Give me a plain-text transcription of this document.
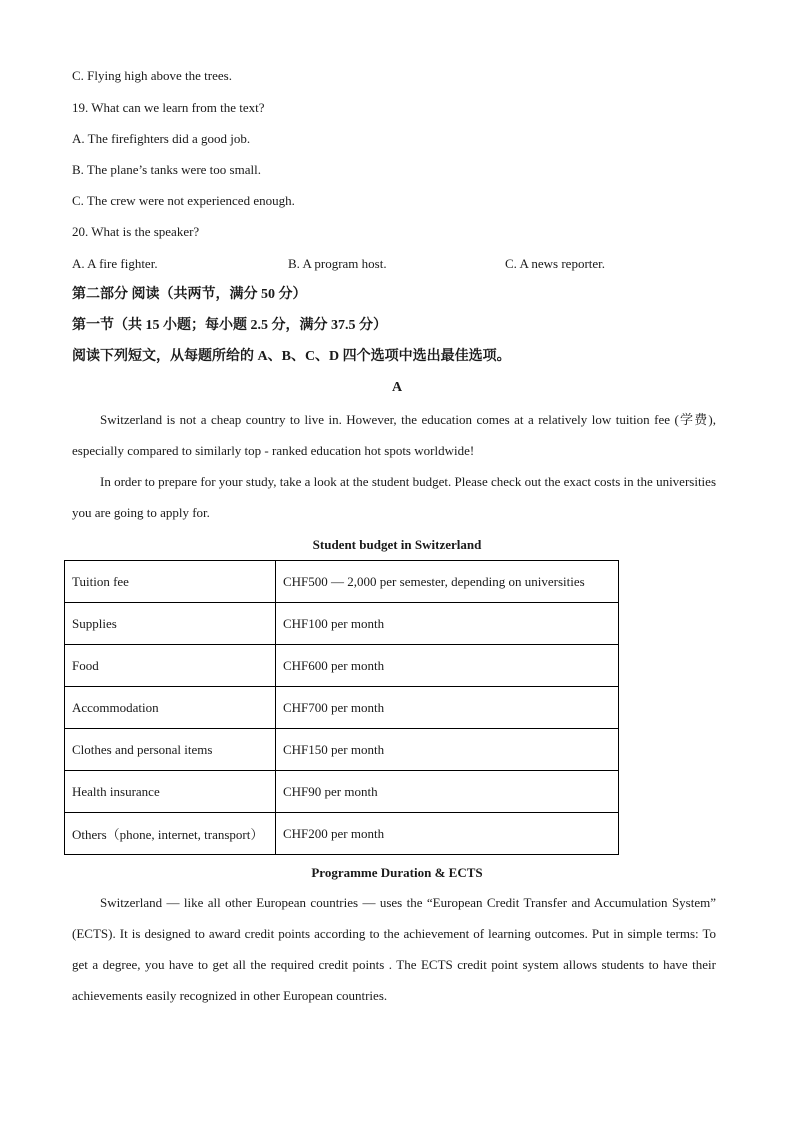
C. Flying high above the trees.
19. What can we learn from the text?
A. The firefighters did a good job.
B. The plane’s tanks were too small.
C. The crew were not experienced enough.
20. What is the speaker?
A. A fire fighter.	B. A program host.	C. A news reporter.
第二部分 阅读（共两节，满分 50 分）
第一节（共 15 小题；每小题 2.5 分，满分 37.5 分）
阅读下列短文，从每题所给的 A、B、C、D 四个选项中选出最佳选项。
A
Switzerland is not a cheap country to live in. However, the education comes at a relatively low tuition fee (学费), especially compared to similarly top - ranked education hot spots worldwide!
In order to prepare for your study, take a look at the student budget. Please check out the exact costs in the universities you are going to apply for.
Student budget in Switzerland
Tuition fee	CHF500 — 2,000 per semester, depending on universities
Supplies	CHF100 per month
Food	CHF600 per month
Accommodation	CHF700 per month
Clothes and personal items	CHF150 per month
Health insurance	CHF90 per month
Others（phone, internet, transport）	CHF200 per month
Programme Duration & ECTS
Switzerland — like all other European countries — uses the “European Credit Transfer and Accumulation System” (ECTS). It is designed to award credit points according to the achievement of learning outcomes. Put in simple terms: To get a degree, you have to get all the required credit points . The ECTS credit point system allows students to have their achievements easily recognized in other European countries.
